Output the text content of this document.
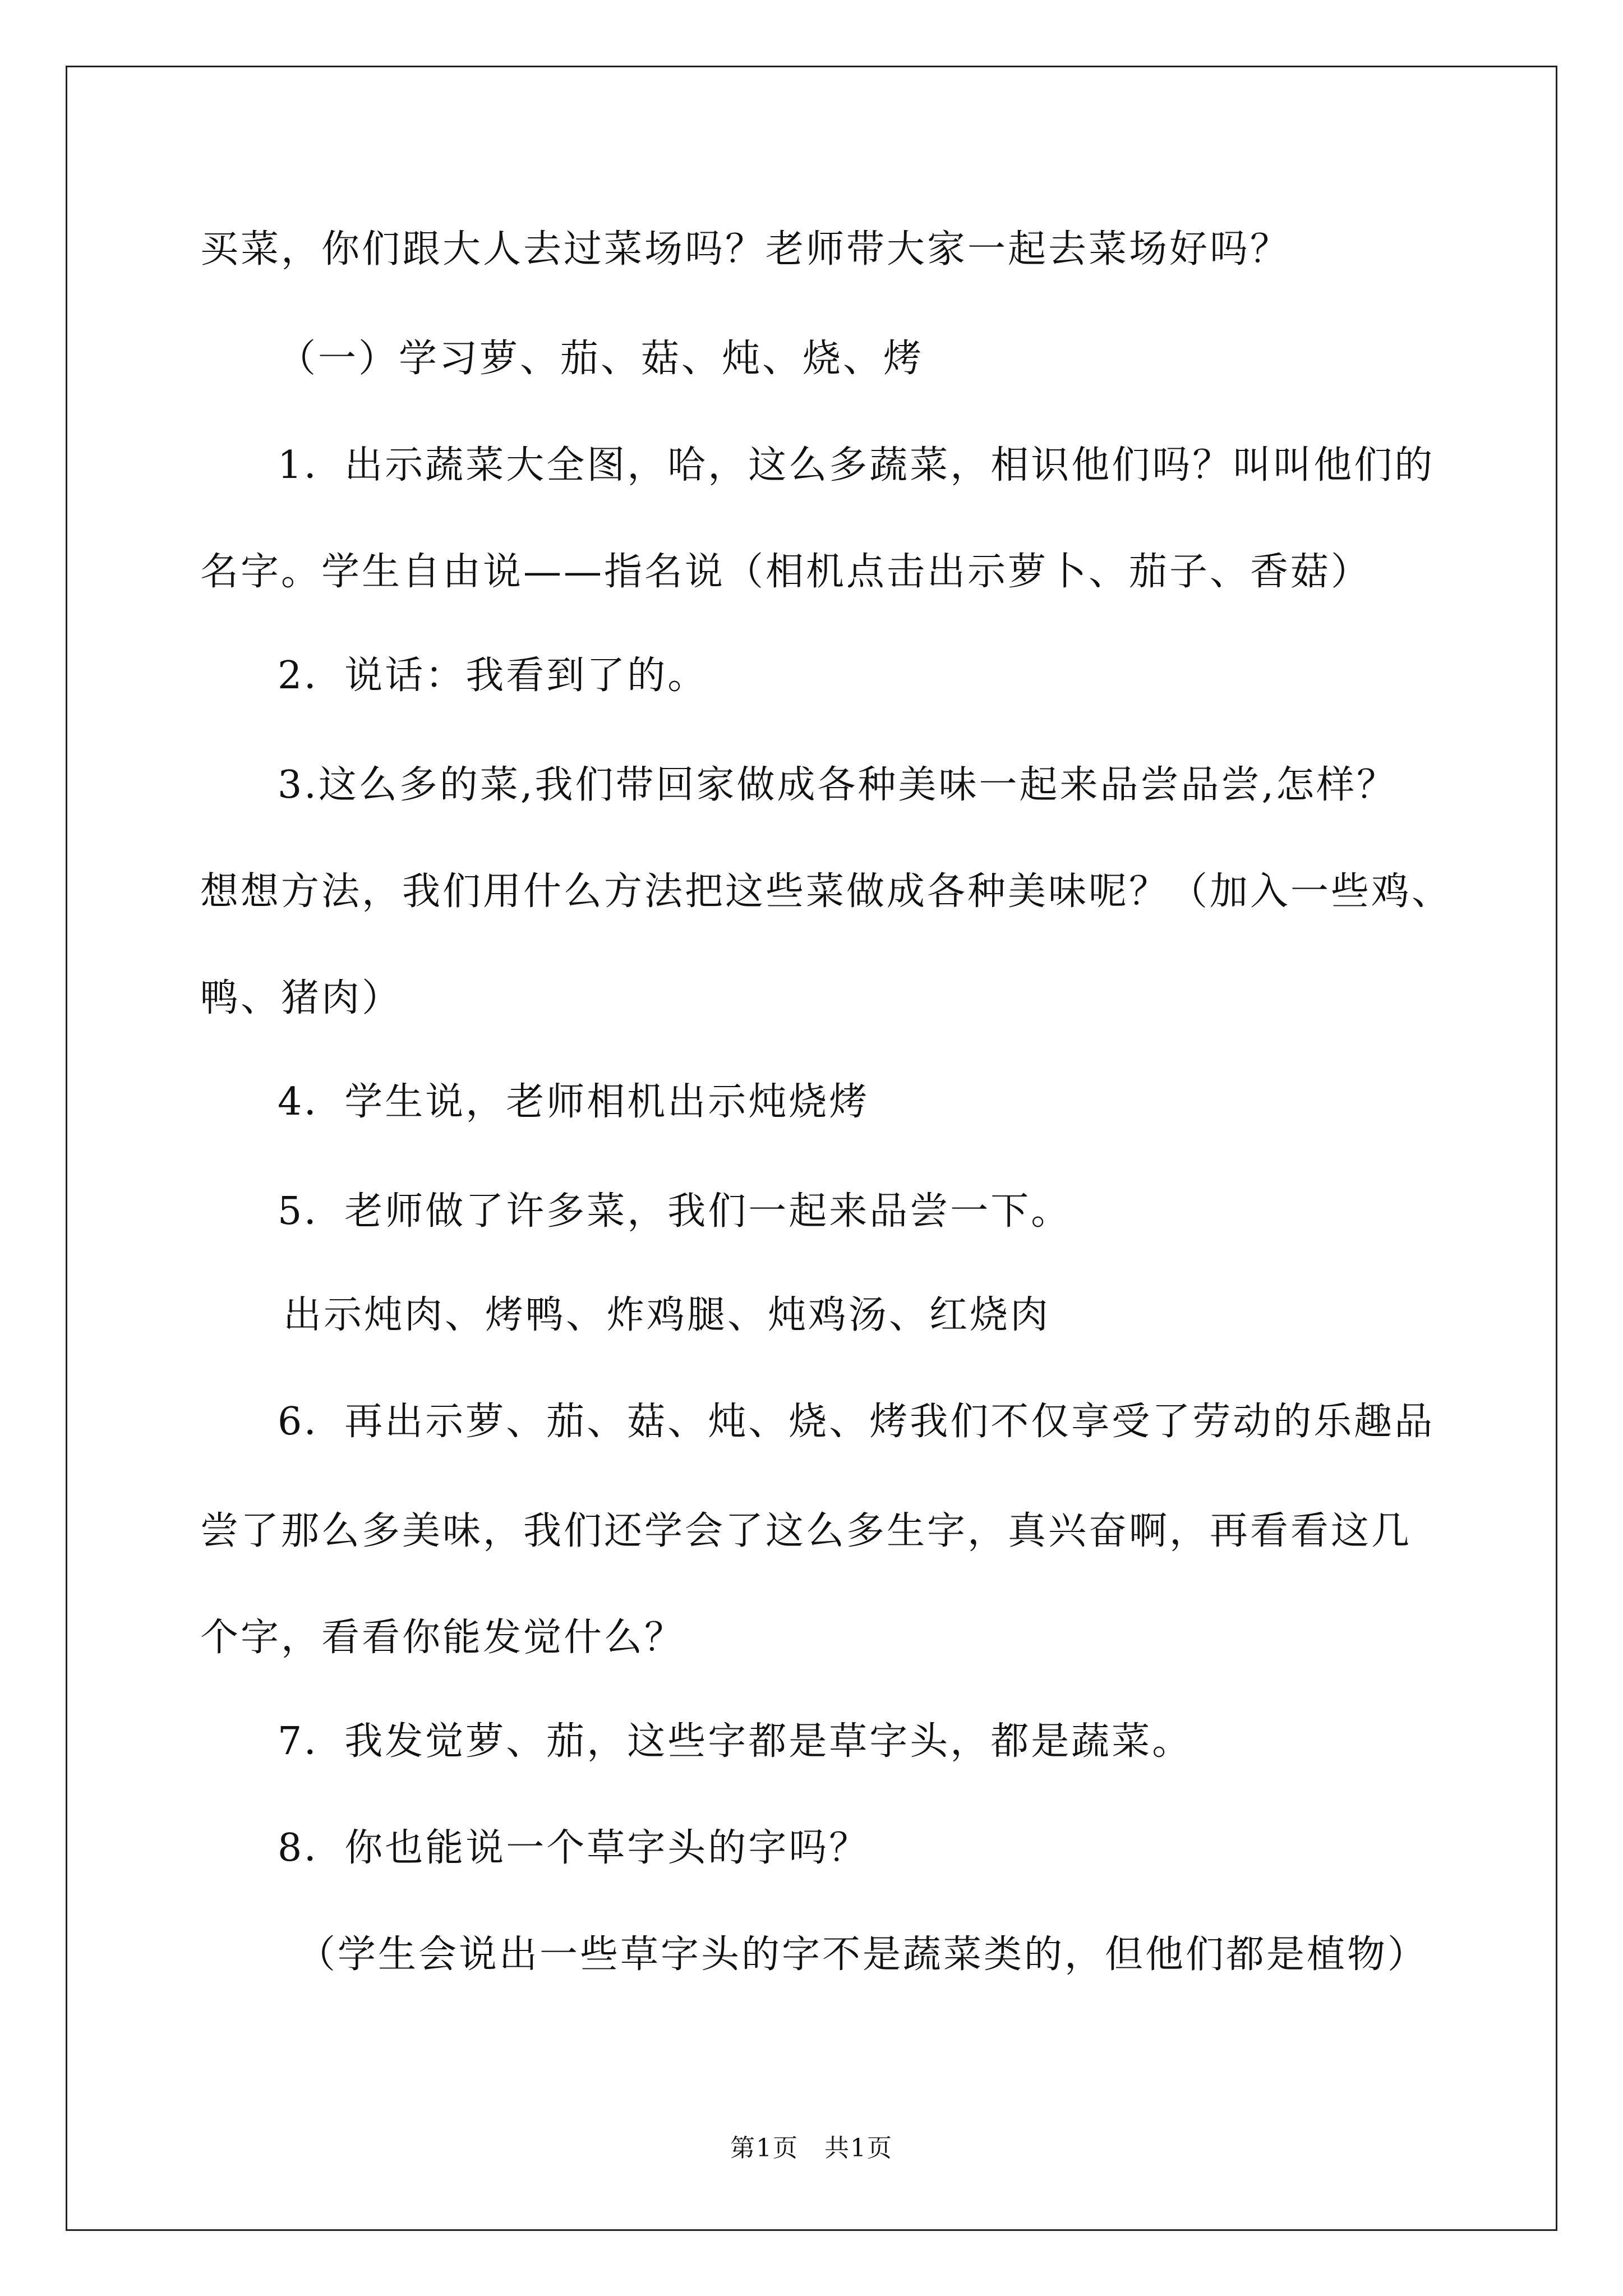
买菜，你们跟大人去过菜场吗？老师带大家一起去菜场好吗？
（一）学习萝、茄、菇、炖、烧、烤
1．出示蔬菜大全图，哈，这么多蔬菜，相识他们吗？叫叫他们的
名字。学生自由说——指名说（相机点击出示萝卜、茄子、香菇）
2．说话：我看到了的。
3.这么多的菜,我们带回家做成各种美味一起来品尝品尝,怎样？
想想方法，我们用什么方法把这些菜做成各种美味呢？（加入一些鸡、
鸭、猪肉）
4．学生说，老师相机出示炖烧烤
5．老师做了许多菜，我们一起来品尝一下。
出示炖肉、烤鸭、炸鸡腿、炖鸡汤、红烧肉
6．再出示萝、茄、菇、炖、烧、烤我们不仅享受了劳动的乐趣品
尝了那么多美味，我们还学会了这么多生字，真兴奋啊，再看看这几
个字，看看你能发觉什么？
7．我发觉萝、茄，这些字都是草字头，都是蔬菜。
8．你也能说一个草字头的字吗？
（学生会说出一些草字头的字不是蔬菜类的，但他们都是植物）
第1页　共1页
